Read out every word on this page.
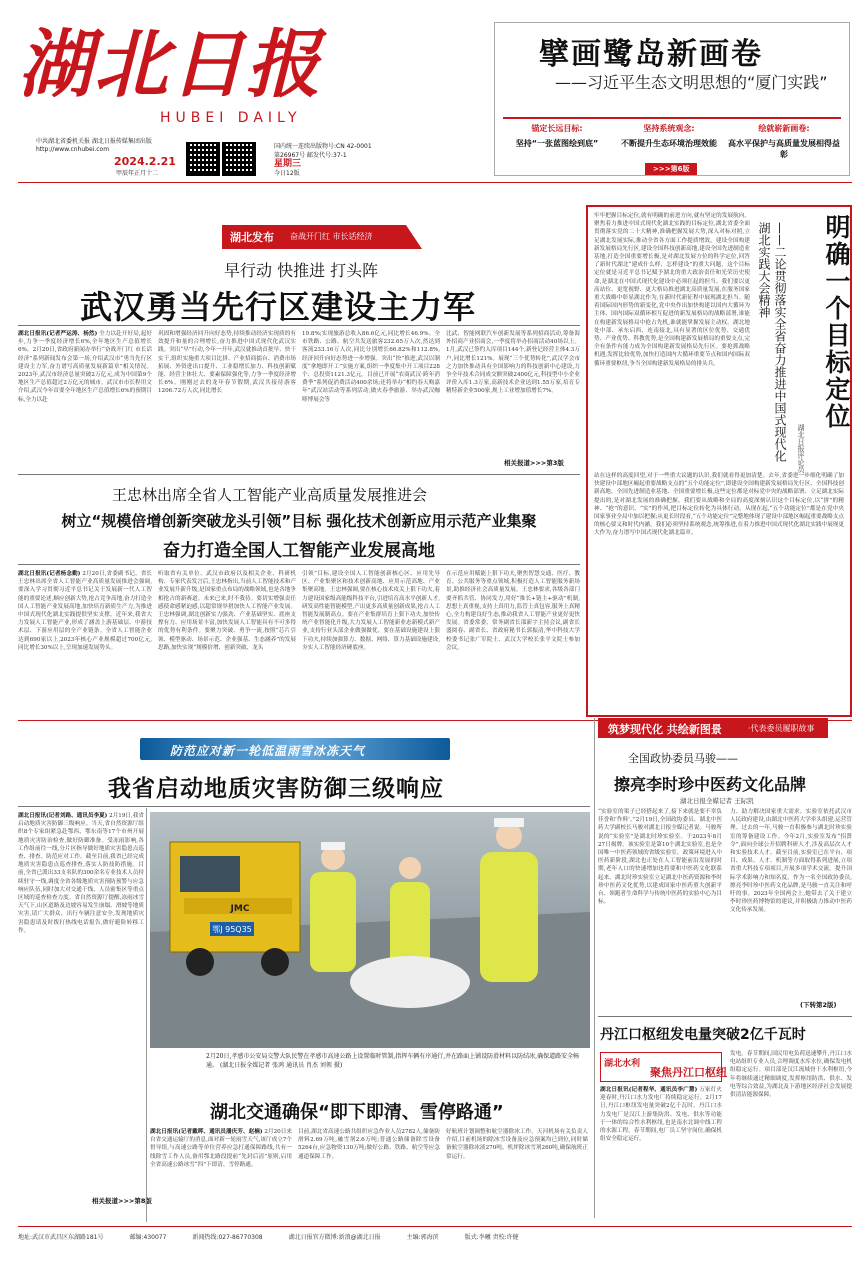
湖北日报
HUBEI DAILY
中共湖北省委机关报 湖北日报传媒集团出版
http://www.cnhubei.com
2024.2.21
甲辰年正月十二
国内统一连续出版物号:CN 42-0001
第26967号 邮发代号:37-1
星期三
今日12版
擘画鹭岛新画卷
——习近平生态文明思想的“厦门实践”
锚定长远目标:
坚持“一张蓝图绘到底”
坚持系统观念:
不断提升生态环境治理效能
绘就崭新画卷:
高水平保护与高质量发展相得益彰
>>>第6版
湖北发布 奋战开门红 市长话经济
早行动 快推进 打头阵
武汉勇当先行区建设主力军
湖北日报讯(记者严运涛、杨然) 全力以赴开好局,起好步,力争一季度经济增长6%,全年地区生产总值增长6%。2月20日,省政府新闻办举行“奋战开门红 市长话经济”系列新闻发布会第一场,介绍武汉市“勇当先行区建设主力军,奋力谱写高质量发展新篇章”相关情况。2023年,武汉市经济总量突破2万亿元,成为中国第9个地区生产总值超过2万亿元的城市。武汉市市长程用文介绍,武汉今年首要全年地区生产总值增长6%的预期目标,全力以赴
巩固和增强经济回升向好态势,持续推动经济实现质的有效提升和量的合理增长,奋力推进中国式现代化武汉实践。突出“早”行动,今年一开年,武汉就推动首批早、快干实干,组织实施重大项目比拼、产业招商擂台、消费市场拓展、外资进出口提升、工业稳增长加力、科技创新赋能、经营主体壮大、要素保障强化等,力争一季度经济增长6%。刚刚过去的龙年春节假期,武汉共接待游客1206.72万人次,同比增长
19.8%;实现旅游总收入86.6亿元,同比增长46.9%。全市铁路、公路、航空共发送旅客232.65万人次,然达到客流233.16万人次,同比分别增长66.82%和112.8%,经济回升向好态势进一步增强。突出“快”推进,武汉以制度“拿地即开工”实施方案,组织一季度集中开工项目228个、总投资1121.3亿元。目前已开展“农商武汉·跨年消费季”系列促消费活动400余场;还将举办“相约春天购嘉年”武汉站活动等系列活动,做火春季旅游、举办武汉咖啡博展会等
比武、智能网联汽车创新发展等系列招商活动,筹备海外招商产业招商会,一季度将举办招商活动40场以上。1月,武汉已签约入库项目144个,新登记经营主体4.3万户,同比增长121%。展现“三个优势转化”,武汉学会市之力加快推动具有全国影响力的科技创新中心建设,力争全年技术合同成交额突破2400亿元,科技型中小企业评价入库1.3万家,高新技术企业达到1.55万家,培育专精特新企业500家,规上工业增加值增长7%。
相关报道>>>第3版
王忠林出席全省人工智能产业高质量发展推进会
树立“规模倍增创新突破龙头引领”目标 强化技术创新应用示范产业集聚
奋力打造全国人工智能产业发展高地
湖北日报讯(记者杨念勤) 2月20日,省委副书记、省长王忠林出席全省人工智能产业高质量发展推进会强调,要深入学习贯彻习近平总书记关于发展新一代人工智能的重要论述,顺应创新大势,抢占竞争高地,奋力打造全国人工智能产业发展高地,加快培育新质生产力,为推进中国式现代化湖北实践提供坚实支撑。近年来,我省大力发展人工智能产业,形成了涵盖上游基础层、中游技术层、下游应用层的全产业链条。全省人工智能企业达到690家以上,2023年核心产业规模超过700亿元,同比增长30%以上,呈现加速发展势头。
听取省有关单位、武汉市政府以及相关企业、科研机构、专家代表发言后,王忠林指出,当前人工智能技术和产业发展升新升级,是国家重点布局的战略领域,也是各地争相抢占的新赛道。未来已来,时不我待。要切实增强责任感使命感紧迫感,以超常规举措加快人工智能产业发展。王忠林强调,湖北创新实力强劲、产业基础坚实、底座支撑有力、应用场景丰富,加快发展人工智能具有不可多得的优势有利条件。要聚力突破、勇争一流,按照“芯片引领、模型驱动、场景示范、企业强基、生态涵养”的发展思路,加快实现“规模倍增、创新突破、龙头
引领”目标,建设全国人工智能创新核心区、应用先导区、产业集聚区和技术创新高地、应用示范高地、产业集聚高地。王忠林强调,要在核心技术攻关上狠下功夫,着力建设国家级高能级科技平台,引进培育高水平创新人才,研发高性能智能模型,产出更多高质量创新成果,抢占人工智能发展制高点。要在产业集群培育上狠下功夫,加快传统产业智能化升级,大力发展人工智能新业态新模式新产业,支持行业头部企业做强做优。要在基础设施建设上狠下功夫,持续加强算力、数据、网络、算力基础设施建设,夯实人工智能经济硬底座。
在示范应用赋能上狠下功夫,聚焦智慧交通、医疗、教育、公共服务等重点领域,积极打造人工智能服务新场景,助推经济社会高质量发展。王忠林要求,各级各部门要齐抓共管、协同发力,用好“推长+链主+驱动”机制,思想上真重视,支持上真用力,监管上真包容,服务上真精心,全力构建良好生态,推动我省人工智能产业更好更快发展。省委常委、常务副省长邵新宇主持会议,副省长盛阅春、副省长、省政府秘书长郭振清,华中科技大学校委书记张广军院士、武汉大学校长张平文院士参加会议。
明确一个目标定位
——二论贯彻落实全省奋力推进中国式现代化湖北实践大会精神
湖北日报评论员
牢牢把握目标定位,就有明确的前进方向,就有坚定的发展航向。聚焦着力推进中国式现代化湖北实践的目标定位,湖北省委全面贯彻落实党的二十大精神,准确把握发展大势,深入对标对照,立足湖北发展实际,推动全省各方面工作提质增效。建设全国构建新发展格局先行区,建设全国科技创新高地,建设全国先进制造业基地,打造全国重要增长极,是对湖北发展方位的科学定位,回答了新时代湖北“建成什么样、怎样建设”的重大问题。这个目标定位就是习近平总书记赋予湖北的重大政治责任和光荣历史使命,是湖北在中国式现代化建设中必须扛起的担当。我们要以更高站位、更宽视野、更大格局推进湖北高质量发展,在服务国家重大战略中彰显湖北作为,在新时代新征程中展现湖北担当。随着国际国内形势的新变化,党中央作出加快构建以国内大循环为主体、国内国际双循环相互促进的新发展格局的战略部署,谁能在构建新发展格局中抢占先机,谁就能掌握发展主动权。湖北地处中部、承东启西、连南接北,具有显著的区位优势、交通优势、产业优势、科教优势,是全国构建新发展格局的重要支点,完全有条件有能力成为全国构建新发展格局先行区。要抢抓战略机遇,发挥比较优势,加快打造国内大循环重要节点和国内国际双循环重要枢纽,争当全国构建新发展格局的排头兵。
站在这样的高度回望,对于一些重大议题的认识,我们就看得更加清楚。去年,省委进一步细化明确了加快建设中部地区崛起重要战略支点的“五个功能定位”,即建设全国构建新发展格局先行区、全国科技创新高地、全国先进制造业基地、全国重要增长极,这些定位都是对标党中央的战略部署、立足湖北实际提出的,是对湖北发展的准确把握。我们要从战略和全局的高度深刻认识这个目标定位,以“拼”的精神、“抢”的意识、“实”的作风,把目标定位转化为具体行动。从现在起,“五个功能定位”都是在党中央国家事业全局中加以把握;从更长时段看,“五个功能定位”完整地体现了建设中部地区崛起重要战略支点的核心要义和时代内涵。我们必须坚持系统观念,统筹推进,在着力推进中国式现代化湖北实践中展现更大作为,奋力谱写中国式现代化湖北篇章。
防范应对新一轮低温雨雪冰冻天气
我省启动地质灾害防御三级响应
湖北日报讯(记者刘路、通讯员李夏) 2月19日,我省启动地质灾害防御三级响应。当天,省自然资源厅组织8个专家组紧急赴鄂西、鄂东南等17个市州开展地质灾害防治检查,做好防御准备。受冻雨影响,各工作组前往一线,分片区指导做好地质灾害隐患点巡查、排查、防范应对工作。截至目前,我省已经完成地质灾害隐患点巡查排查,落实人防技防措施。目前,全省已派出33支名队的300余名专业技术人员持续驻守一线,调度全省各级地质灾害预防预警与应急响应队伍,同时加大对交通干线、人员密集区等重点区域的巡查检查力度。省自然资源厅提醒,冻雨冰雪天气下,山区道路及边坡容易发生崩塌、滑坡等地质灾害,请广大群众、出行车辆注意安全,发现地质灾害隐患请及时拨打热线电话报告,做好避险转移工作。
相关报道>>>第8版
鄂J 95Q35
JMC
2月20日,孝感市公安局交警大队民警在孝感市高速公路上设置临时管制,指挥车辆有序通行,并在路面上铺设防滑材料以防结冰,确保道路安全畅通。 (湖北日报全媒记者 张鸿 通讯员 肖杰 刘领 摄)
湖北交通确保“即下即清、雪停路通”
湖北日报讯(记者戴晖、通讯员潘庆芳、赵楠) 2月20日来自省交通运输厅的消息,面对新一轮雨雪天气,该厅成立7个督导组,与高速公路等单位营养应急打通保障路线,共有一线除雪工作人员,备用鄂北路段提前“先封后清”原则,启用全省高速公路冰雪“四”下即清、雪停路通。
目前,湖北省高速公路共组织应急作业人员2782人,储备防滑料2.69万吨,融雪剂2.6万吨;普通公路储备除雪设备5264台,应急物资130万吨;做好公路、铁路、航空等应急通道保障工作。
好航班计划调整和航空器除冰工作。天河机场有关负责人介绍,目前机场的除冰雪设备及应急预案均已到位,同时储备航空器除冰液270吨、机坪除冰雪剂260吨,确保航班正常运行。
筑梦现代化 共绘新图景	·代表委员履职故事
全国政协委员马骏——
擦亮李时珍中医药文化品牌
湖北日报全媒记者 王际凯
“实验室的架子已经搭起来了,接下来就是要不辜负佳誉和‘作料’。”2月19日,全国政协委员、湖北中医药大学副校长马骏对湖北日报全媒记者说。马骏所说的“实验室”是湖北时珍实验室。于2023年8月27日揭牌。该实验室是第10个湖北实验室,也是全国唯一中医药领域的省级实验室。政策环境进入中医药新阶段,湖北也正处在人工智能前沿发展的时期,老年人口的快速增加也将要和中医药文化联系起来。湖北时珍实验室立足湖北中医药资源和李时珍中医药文化优势,以建成国家中医药重大创新平台、领跑者生命科学与传统中医药的实验中心为目标。
力、助力解决国家重大需求。实验室依托武汉市人民政府建设,由湖北中医药大学牵头组建,运营管理。过去的一年,马骏一直积极参与湖北时珍实验室的筹备建设工作。今年2月,实验室发布“招贤令”,面向全球公开招聘科研人才,涉及高层次人才和实验技术人才。截至目前,实验室已在平台、项目、成果、人才、机制等方面取得系列进展,立项省重大科技专项项目,开展多项学术交流。提升国际学术影响力和知名度。作为一名全国政协委员,擦亮李时珍中医药文化品牌,是马骏一直关注和呼吁的事。2023年全国两会上,她带去了关于建立李时珍医药博物馆的建议,并积极助力推动中医药文化传承发展。
(下转第2版)
丹江口枢纽发电量突破2亿千瓦时
湖北水利
聚焦丹江口枢纽
湖北日报讯(记者程华、通讯员李广慧) 万家灯火迎春时,丹江口水力发电厂持续稳定运行。2月17日,丹江口枢纽发电量突破2亿千瓦时。丹江口水力发电厂是汉江上游集防洪、发电、供水等功能于一体的综合性水利枢纽,也是南水北调中线工程的水源工程。春节期间,电厂员工坚守岗位,确保机组安全稳定运行。
发电。春节期间,国民用电负荷迅速攀升,丹江口水电站组织专业人员,合理调度水库水位,确保发电机组稳定运行。项目部是汉江流域骨干水利枢纽,今年将继续通过精细调度,发挥枢纽防洪、供水、发电等综合效益,为湖北及下游地区经济社会发展提供清洁能源保障。
地址:武汉市武昌区东湖路181号	邮编:430077	新闻热线:027-86770308	湖北日报官方微博:新浪@湖北日报	主编:郭海滨	版式:李曦 责校:许健
